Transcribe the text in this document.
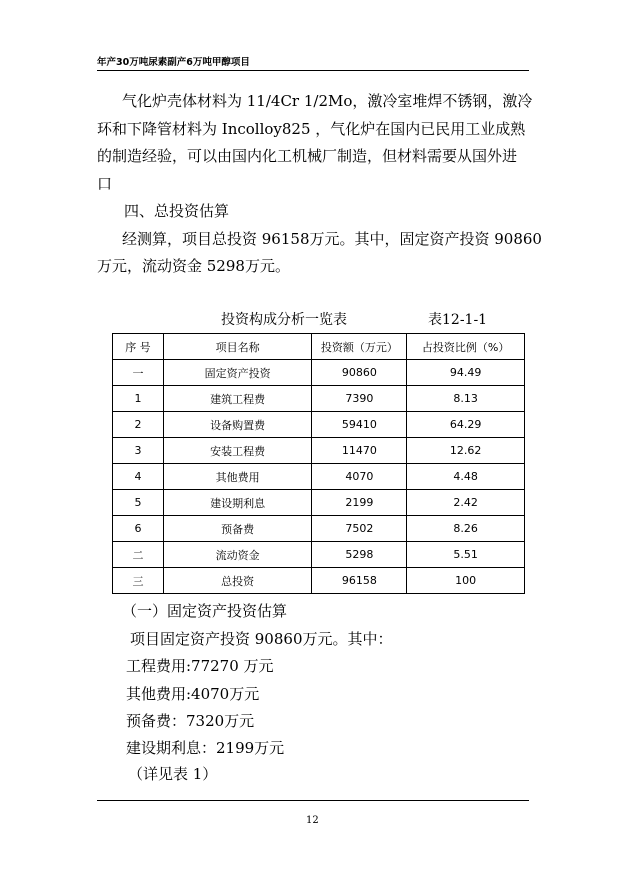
年产30万吨尿素副产6万吨甲醇项目
气化炉壳体材料为 11/4Cr 1/2Mo，激冷室堆焊不锈钢，激冷
环和下降管材料为 Incolloy825 ，气化炉在国内已民用工业成熟
的制造经验，可以由国内化工机械厂制造，但材料需要从国外进
口
四、总投资估算
经测算，项目总投资 96158万元。其中，固定资产投资 90860
万元，流动资金 5298万元。
投资构成分析一览表	表12-1-1
序 号	项目名称	投资额（万元）	占投资比例（%）
一	固定资产投资	90860	94.49
1	建筑工程费	7390	8.13
2	设备购置费	59410	64.29
3	安装工程费	11470	12.62
4	其他费用	4070	4.48
5	建设期利息	2199	2.42
6	预备费	7502	8.26
二	流动资金	5298	5.51
三	总投资	96158	100
（一）固定资产投资估算
项目固定资产投资 90860万元。其中：
工程费用:77270 万元
其他费用:4070万元
预备费：7320万元
建设期利息：2199万元
（详见表 1）
12
